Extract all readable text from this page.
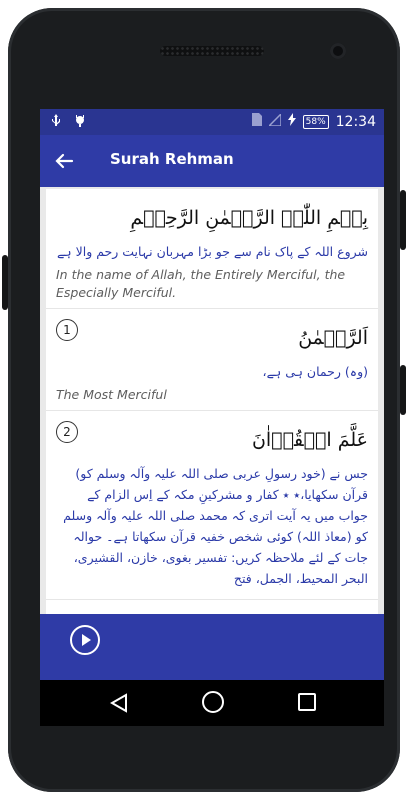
58% 12:34
Surah Rehman
بِسۡمِ اللّٰہِ الرَّحۡمٰنِ الرَّحِیۡمِ
شروع اللہ کے پاک نام سے جو بڑا مہربان نہایت رحم والا ہے
In the name of Allah, the Entirely Merciful, the Especially Merciful.
1	اَلرَّحۡمٰنُ
(وہ) رحمان ہی ہے،
The Most Merciful
2	عَلَّمَ الۡقُرۡاٰنَ
جس نے (خود رسولِ عربی صلی اللہ علیہ وآلہ وسلم کو) قرآن سکھایا،٭ ٭ کفار و مشرکینِ مکہ کے اِس الزام کے جواب میں یہ آیت اتری کہ محمد صلی اللہ علیہ وآلہ وسلم کو (معاذ اللہ) کوئی شخص خفیہ قرآن سکھاتا ہے۔ حوالہ جات کے لئے ملاحظہ کریں: تفسیر بغوی، خازن، القشیری، البحر المحیط، الجمل، فتح
